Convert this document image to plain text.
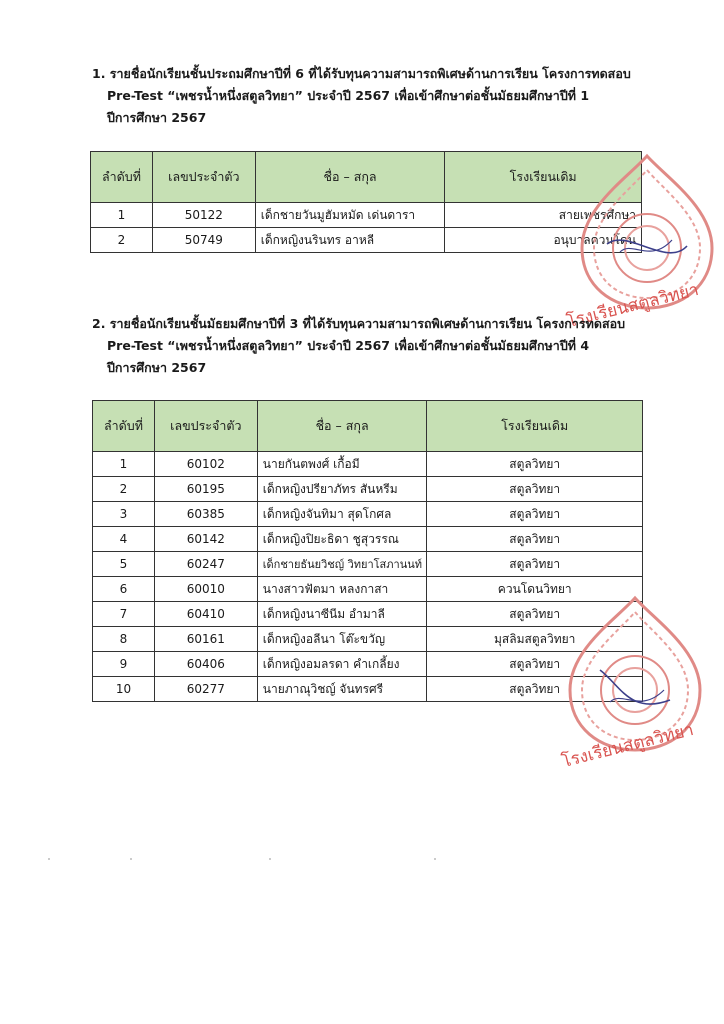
1. รายชื่อนักเรียนชั้นประถมศึกษาปีที่ 6 ที่ได้รับทุนความสามารถพิเศษด้านการเรียน โครงการทดสอบ
Pre-Test “เพชรน้ำหนึ่งสตูลวิทยา” ประจำปี 2567 เพื่อเข้าศึกษาต่อชั้นมัธยมศึกษาปีที่ 1
ปีการศึกษา 2567
ลำดับที่	เลขประจำตัว	ชื่อ – สกุล	โรงเรียนเดิม
1	50122	เด็กชายวันมูฮัมหมัด เด่นดารา	สายเพชรศึกษา
2	50749	เด็กหญิงนรินทร อาหลี	อนุบาลควนโดน
โรงเรียนสตูลวิทยา
2. รายชื่อนักเรียนชั้นมัธยมศึกษาปีที่ 3 ที่ได้รับทุนความสามารถพิเศษด้านการเรียน โครงการทดสอบ
Pre-Test “เพชรน้ำหนึ่งสตูลวิทยา” ประจำปี 2567 เพื่อเข้าศึกษาต่อชั้นมัธยมศึกษาปีที่ 4
ปีการศึกษา 2567
ลำดับที่	เลขประจำตัว	ชื่อ – สกุล	โรงเรียนเดิม
1	60102	นายกันตพงศ์ เกื้อมี	สตูลวิทยา
2	60195	เด็กหญิงปรียาภัทร สันหรีม	สตูลวิทยา
3	60385	เด็กหญิงจันทิมา สุดโกศล	สตูลวิทยา
4	60142	เด็กหญิงปิยะธิดา ชูสุวรรณ	สตูลวิทยา
5	60247	เด็กชายธันยวิชญ์ วิทยาโสภานนท์	สตูลวิทยา
6	60010	นางสาวฟัตมา หลงกาสา	ควนโดนวิทยา
7	60410	เด็กหญิงนาซีนีม อำมาลี	สตูลวิทยา
8	60161	เด็กหญิงอลีนา โต๊ะขวัญ	มุสลิมสตูลวิทยา
9	60406	เด็กหญิงอมลรดา คำเกลี้ยง	สตูลวิทยา
10	60277	นายภาณุวิชญ์ จันทรศรี	สตูลวิทยา
โรงเรียนสตูลวิทยา
